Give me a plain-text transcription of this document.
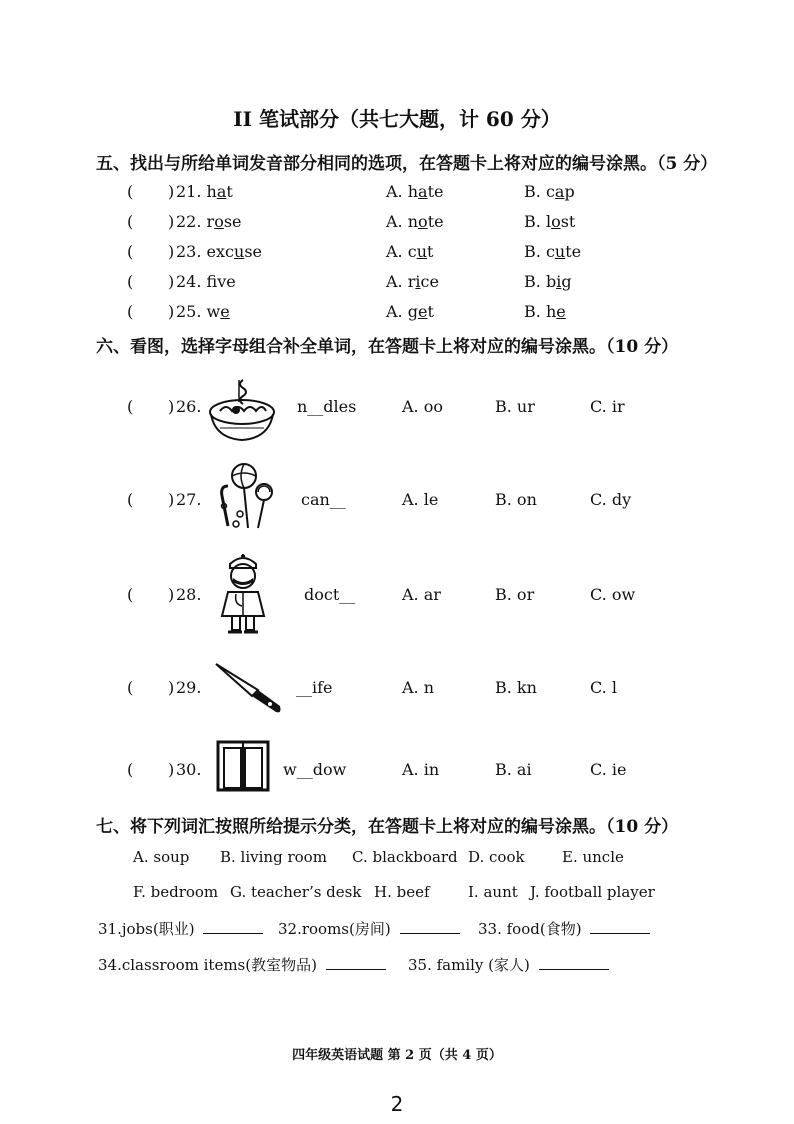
II 笔试部分（共七大题，计 60 分）
五、找出与所给单词发音部分相同的选项，在答题卡上将对应的编号涂黑。（5 分）
( ) 21. hat	A. hate	B. cap
( ) 22. rose	A. note	B. lost
( ) 23. excuse	A. cut	B. cute
( ) 24. fve	A. rice	B. big
( ) 25. we	A. get	B. he
六、看图，选择字母组合补全单词，在答题卡上将对应的编号涂黑。（10 分）
( ) 26.	n__dles	A. oo	B. ur	C. ir
( ) 27.	can__	A. le	B. on	C. dy
( ) 28.	doct__	A. ar	B. or	C. ow
( ) 29.	__ife	A. n	B. kn	C. l
( ) 30.	w__dow	A. in	B. ai	C. ie
七、将下列词汇按照所给提示分类，在答题卡上将对应的编号涂黑。（10 分）
A. soup B. living room C. blackboard D. cook E. uncle
F. bedroom G. teacher’s desk H. beef	I. aunt J. football player
31.jobs(职业)	32.rooms(房间)	33. food(食物)
34.classroom items(教室物品)	35. family (家人)
四年级英语试题 第 2 页（共 4 页）
2
